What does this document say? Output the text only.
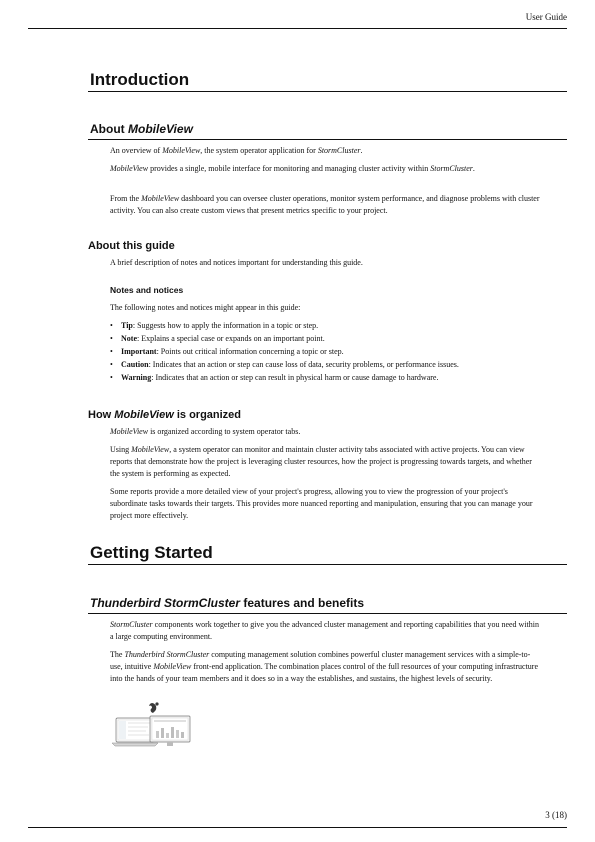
User Guide
Introduction
About MobileView
An overview of MobileView, the system operator application for StormCluster.
MobileView provides a single, mobile interface for monitoring and managing cluster activity within StormCluster.
From the MobileView dashboard you can oversee cluster operations, monitor system performance, and diagnose problems with cluster activity. You can also create custom views that present metrics specific to your project.
About this guide
A brief description of notes and notices important for understanding this guide.
Notes and notices
The following notes and notices might appear in this guide:
• Tip: Suggests how to apply the information in a topic or step.
• Note: Explains a special case or expands on an important point.
• Important: Points out critical information concerning a topic or step.
• Caution: Indicates that an action or step can cause loss of data, security problems, or performance issues.
• Warning: Indicates that an action or step can result in physical harm or cause damage to hardware.
How MobileView is organized
MobileView is organized according to system operator tabs.
Using MobileView, a system operator can monitor and maintain cluster activity tabs associated with active projects. You can view reports that demonstrate how the project is leveraging cluster resources, how the project is progressing towards targets, and whether the system is performing as expected.
Some reports provide a more detailed view of your project's progress, allowing you to view the progression of your project's subordinate tasks towards their targets. This provides more nuanced reporting and manipulation, ensuring that you can manage your project more effectively.
Getting Started
Thunderbird StormCluster features and benefits
StormCluster components work together to give you the advanced cluster management and reporting capabilities that you need within a large computing environment.
The Thunderbird StormCluster computing management solution combines powerful cluster management services with a simple-to-use, intuitive MobileView front-end application. The combination places control of the full resources of your computing infrastructure into the hands of your team members and it does so in a way the establishes, and sustains, the highest levels of security.
3 (18)
